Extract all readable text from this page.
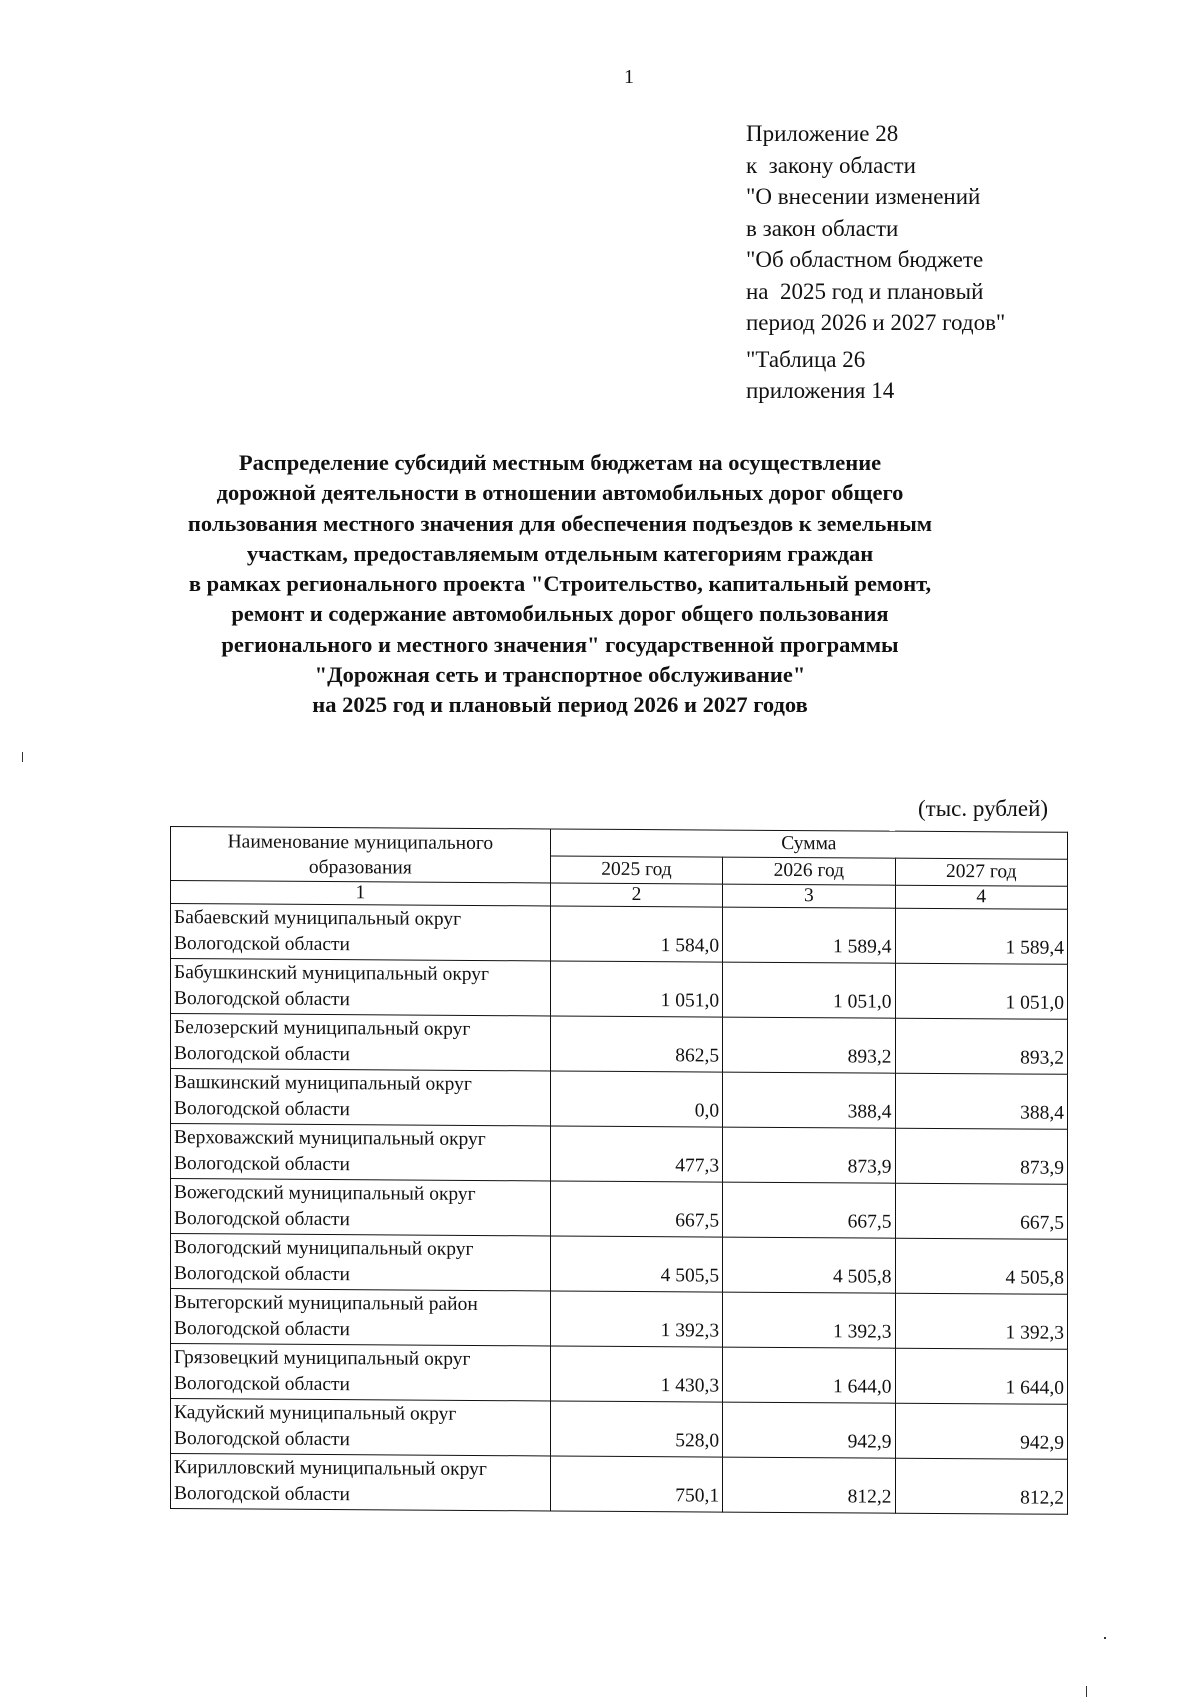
1
Приложение 28
к  закону области
"О внесении изменений
в закон области
"Об областном бюджете
на  2025 год и плановый
период 2026 и 2027 годов"
"Таблица 26
приложения 14
Распределение субсидий местным бюджетам на осуществление
дорожной деятельности в отношении автомобильных дорог общего
пользования местного значения для обеспечения подъездов к земельным
участкам, предоставляемым отдельным категориям граждан
в рамках регионального проекта "Строительство, капитальный ремонт,
ремонт и содержание автомобильных дорог общего пользования
регионального и местного значения" государственной программы
"Дорожная сеть и транспортное обслуживание"
на 2025 год и плановый период 2026 и 2027 годов
(тыс. рублей)
Наименование муниципального образования	Сумма		
	2025 год	2026 год	2027 год
1	2	3	4

Бабаевский муниципальный округ
Вологодской области	1 584,0	1 589,4	1 589,4

Бабушкинский муниципальный округ
Вологодской области	1 051,0	1 051,0	1 051,0

Белозерский муниципальный округ
Вологодской области	862,5	893,2	893,2

Вашкинский муниципальный округ
Вологодской области	0,0	388,4	388,4

Верховажский муниципальный округ
Вологодской области	477,3	873,9	873,9

Вожегодский муниципальный округ
Вологодской области	667,5	667,5	667,5

Вологодский муниципальный округ
Вологодской области	4 505,5	4 505,8	4 505,8

Вытегорский муниципальный район
Вологодской области	1 392,3	1 392,3	1 392,3

Грязовецкий муниципальный округ
Вологодской области	1 430,3	1 644,0	1 644,0

Кадуйский муниципальный округ
Вологодской области	528,0	942,9	942,9

Кирилловский муниципальный округ
Вологодской области	750,1	812,2	812,2
